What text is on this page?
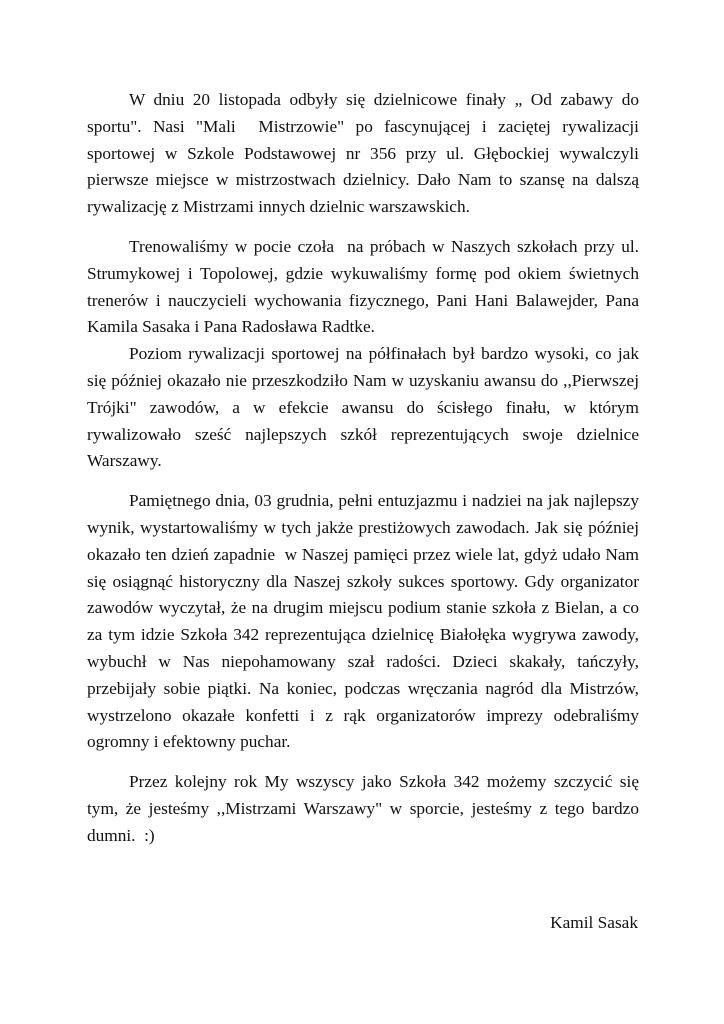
W dniu 20 listopada odbyły się dzielnicowe finały „ Od zabawy do sportu". Nasi "Mali  Mistrzowie" po fascynującej i zaciętej rywalizacji sportowej w Szkole Podstawowej nr 356 przy ul. Głębockiej wywalczyli pierwsze miejsce w mistrzostwach dzielnicy. Dało Nam to szansę na dalszą rywalizację z Mistrzami innych dzielnic warszawskich.

Trenowaliśmy w pocie czoła  na próbach w Naszych szkołach przy ul. Strumykowej i Topolowej, gdzie wykuwaliśmy formę pod okiem świetnych trenerów i nauczycieli wychowania fizycznego, Pani Hani Balawejder, Pana Kamila Sasaka i Pana Radosława Radtke.

Poziom rywalizacji sportowej na półfinałach był bardzo wysoki, co jak się później okazało nie przeszkodziło Nam w uzyskaniu awansu do ,,Pierwszej Trójki" zawodów, a w efekcie awansu do ścisłego finału, w którym rywalizowało sześć najlepszych szkół reprezentujących swoje dzielnice Warszawy.

Pamiętnego dnia, 03 grudnia, pełni entuzjazmu i nadziei na jak najlepszy wynik, wystartowaliśmy w tych jakże prestiżowych zawodach. Jak się później okazało ten dzień zapadnie  w Naszej pamięci przez wiele lat, gdyż udało Nam się osiągnąć historyczny dla Naszej szkoły sukces sportowy. Gdy organizator zawodów wyczytał, że na drugim miejscu podium stanie szkoła z Bielan, a co za tym idzie Szkoła 342 reprezentująca dzielnicę Białołęka wygrywa zawody, wybuchł w Nas niepohamowany szał radości. Dzieci skakały, tańczyły, przebijały sobie piątki. Na koniec, podczas wręczania nagród dla Mistrzów, wystrzelono okazałe konfetti i z rąk organizatorów imprezy odebraliśmy ogromny i efektowny puchar.

Przez kolejny rok My wszyscy jako Szkoła 342 możemy szczycić się tym, że jesteśmy ,,Mistrzami Warszawy" w sporcie, jesteśmy z tego bardzo dumni.  :)

Kamil Sasak
